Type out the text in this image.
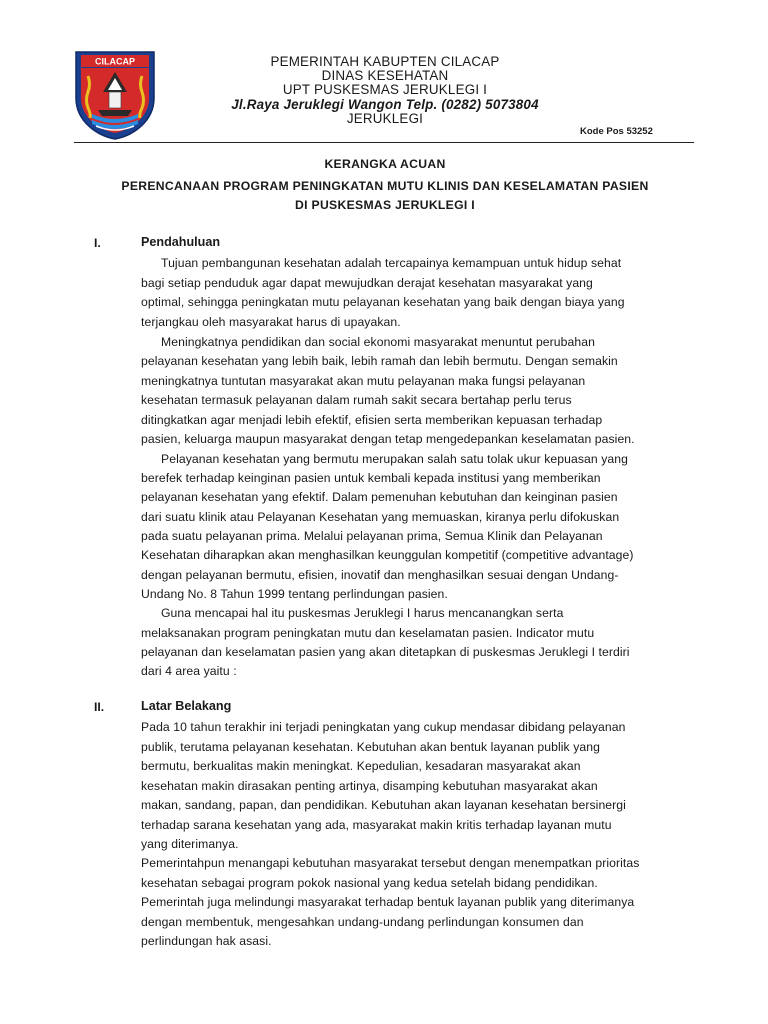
CILACAP	PEMERINTAH KABUPTEN CILACAP
DINAS KESEHATAN
UPT PUSKESMAS JERUKLEGI I
Jl.Raya Jeruklegi Wangon Telp. (0282) 5073804
JERUKLEGI
Kode Pos 53252
KERANGKA ACUAN
PERENCANAAN PROGRAM PENINGKATAN MUTU KLINIS DAN KESELAMATAN PASIEN
DI PUSKESMAS JERUKLEGI I
I.	Pendahuluan
Tujuan pembangunan kesehatan adalah tercapainya kemampuan untuk hidup sehat
bagi setiap penduduk agar dapat mewujudkan derajat kesehatan masyarakat yang
optimal, sehingga peningkatan mutu pelayanan kesehatan yang baik dengan biaya yang
terjangkau oleh masyarakat harus di upayakan.
Meningkatnya pendidikan dan social ekonomi masyarakat menuntut perubahan
pelayanan kesehatan yang lebih baik, lebih ramah dan lebih bermutu. Dengan semakin
meningkatnya tuntutan masyarakat akan mutu pelayanan maka fungsi pelayanan
kesehatan termasuk pelayanan dalam rumah sakit secara bertahap perlu terus
ditingkatkan agar menjadi lebih efektif, efisien serta memberikan kepuasan terhadap
pasien, keluarga maupun masyarakat dengan tetap mengedepankan keselamatan pasien.
Pelayanan kesehatan yang bermutu merupakan salah satu tolak ukur kepuasan yang
berefek terhadap keinginan pasien untuk kembali kepada institusi yang memberikan
pelayanan kesehatan yang efektif. Dalam pemenuhan kebutuhan dan keinginan pasien
dari suatu klinik atau Pelayanan Kesehatan yang memuaskan, kiranya perlu difokuskan
pada suatu pelayanan prima. Melalui pelayanan prima, Semua Klinik dan Pelayanan
Kesehatan diharapkan akan menghasilkan keunggulan kompetitif (competitive advantage)
dengan pelayanan bermutu, efisien, inovatif dan menghasilkan sesuai dengan Undang-
Undang No. 8 Tahun 1999 tentang perlindungan pasien.
Guna mencapai hal itu puskesmas Jeruklegi I harus mencanangkan serta
melaksanakan program peningkatan mutu dan keselamatan pasien. Indicator mutu
pelayanan dan keselamatan pasien yang akan ditetapkan di puskesmas Jeruklegi I terdiri
dari 4 area yaitu :
II.	Latar Belakang
Pada 10 tahun terakhir ini terjadi peningkatan yang cukup mendasar dibidang pelayanan
publik, terutama pelayanan kesehatan. Kebutuhan akan bentuk layanan publik yang
bermutu, berkualitas makin meningkat. Kepedulian, kesadaran masyarakat akan
kesehatan makin dirasakan penting artinya, disamping kebutuhan masyarakat akan
makan, sandang, papan, dan pendidikan. Kebutuhan akan layanan kesehatan bersinergi
terhadap sarana kesehatan yang ada, masyarakat makin kritis terhadap layanan mutu
yang diterimanya.
Pemerintahpun menangapi kebutuhan masyarakat tersebut dengan menempatkan prioritas
kesehatan sebagai program pokok nasional yang kedua setelah bidang pendidikan.
Pemerintah juga melindungi masyarakat terhadap bentuk layanan publik yang diterimanya
dengan membentuk, mengesahkan undang-undang perlindungan konsumen dan
perlindungan hak asasi.
